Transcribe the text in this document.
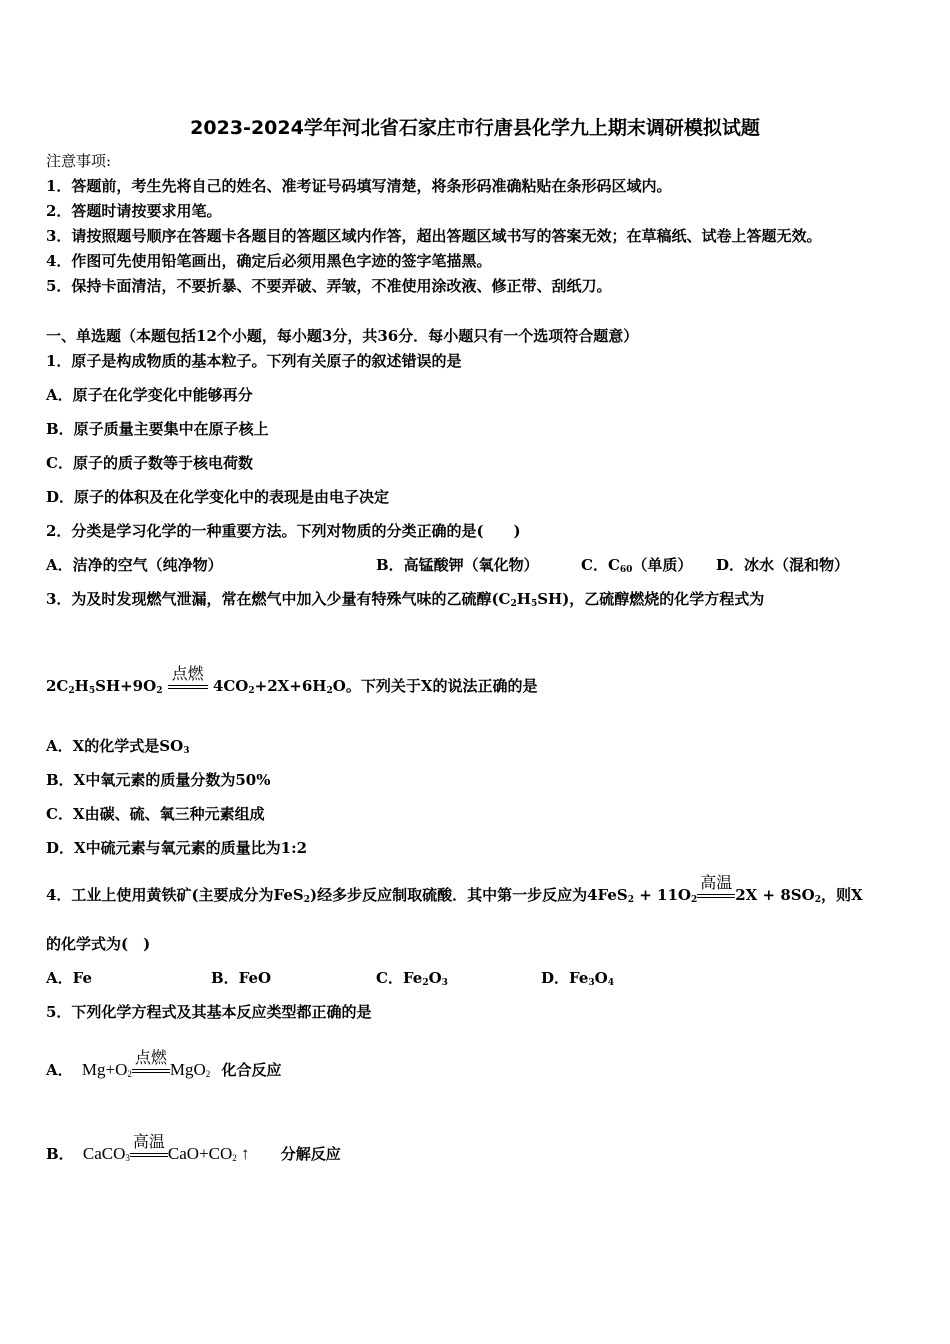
2023-2024学年河北省石家庄市行唐县化学九上期末调研模拟试题
注意事项:
1．答题前，考生先将自己的姓名、准考证号码填写清楚，将条形码准确粘贴在条形码区域内。
2．答题时请按要求用笔。
3．请按照题号顺序在答题卡各题目的答题区域内作答，超出答题区域书写的答案无效；在草稿纸、试卷上答题无效。
4．作图可先使用铅笔画出，确定后必须用黑色字迹的签字笔描黑。
5．保持卡面清洁，不要折暴、不要弄破、弄皱，不准使用涂改液、修正带、刮纸刀。
一、单选题（本题包括12个小题，每小题3分，共36分．每小题只有一个选项符合题意）
1．原子是构成物质的基本粒子。下列有关原子的叙述错误的是
A．原子在化学变化中能够再分
B．原子质量主要集中在原子核上
C．原子的质子数等于核电荷数
D．原子的体积及在化学变化中的表现是由电子决定
2．分类是学习化学的一种重要方法。下列对物质的分类正确的是(　　)
A．洁净的空气（纯净物）	B．高锰酸钾（氧化物）	C．$C_{60}$（单质） D．冰水（混和物）
3．为及时发现燃气泄漏，常在燃气中加入少量有特殊气味的乙硫醇$(C_2H_5SH)$，乙硫醇燃烧的化学方程式为
$2C_2H_5SH+9O_2$
点燃
$4CO_2+2X+6H_2O$。下列关于X的说法正确的是
A．X的化学式是$SO_3$
B．X中氧元素的质量分数为50%
C．X由碳、硫、氧三种元素组成
D．X中硫元素与氧元素的质量比为1:2
4．工业上使用黄铁矿(主要成分为FeS$_2$)经多步反应制取硫酸．其中第一步反应为$4FeS_2 + 11O_2$
高温
$2X + 8SO_2$，则X
的化学式为(　)
A．Fe	B．FeO	C．$Fe_2O_3$	D．$Fe_3O_4$
5．下列化学方程式及其基本反应类型都正确的是
A． $Mg+O_2$
点燃
MgO$_2$ 化合反应
B． CaCO$_3$
高温
$CaO+CO_2$ ↑ 分解反应
